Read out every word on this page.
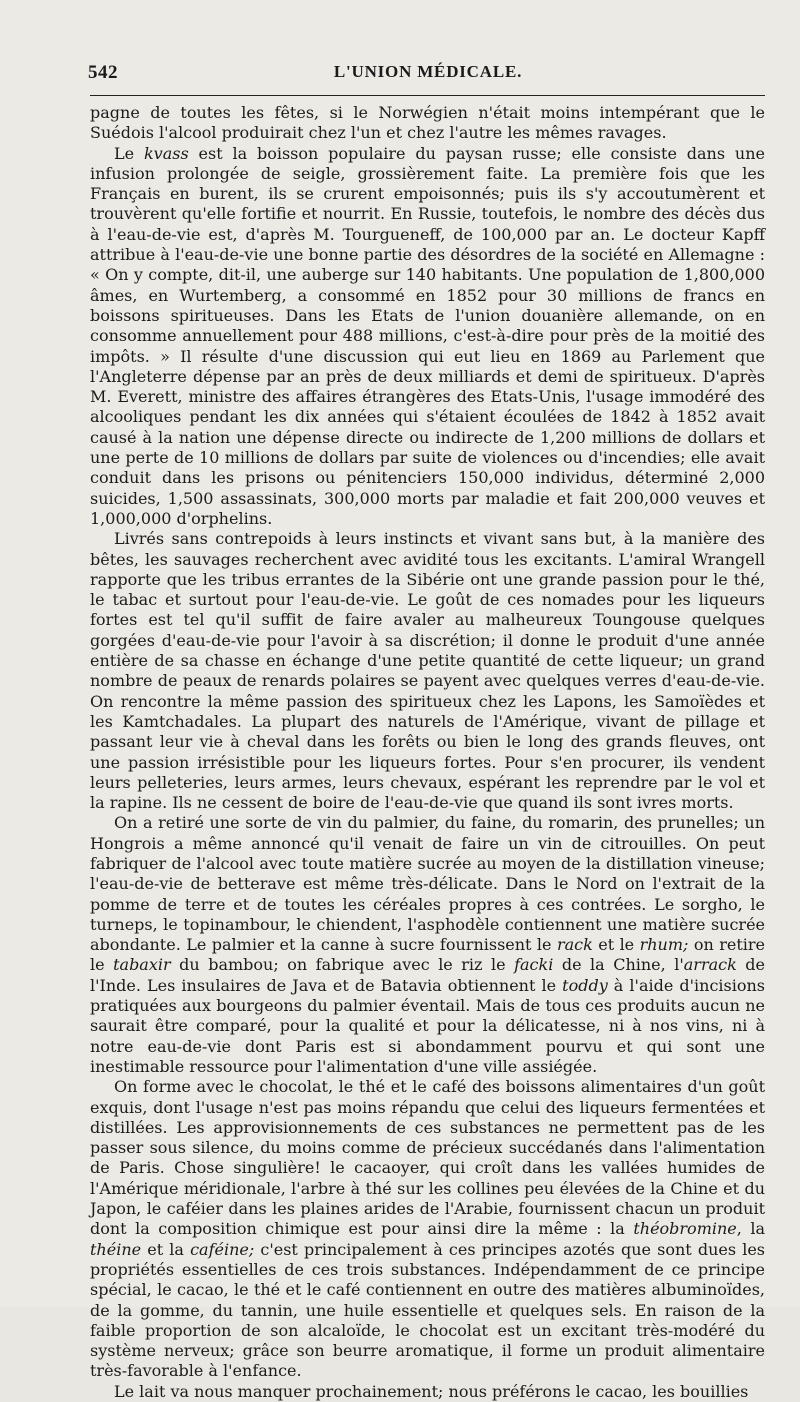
542	L'UNION MÉDICALE.

pagne de toutes les fêtes, si le Norwégien n'était moins intempérant que le Suédois l'alcool produirait chez l'un et chez l'autre les mêmes ravages.

Le kvass est la boisson populaire du paysan russe; elle consiste dans une infusion prolongée de seigle, grossièrement faite. La première fois que les Français en burent, ils se crurent empoisonnés; puis ils s'y accoutumèrent et trouvèrent qu'elle fortifie et nourrit. En Russie, toutefois, le nombre des décès dus à l'eau-de-vie est, d'après M. Tourgueneff, de 100,000 par an. Le docteur Kapff attribue à l'eau-de-vie une bonne partie des désordres de la société en Allemagne : « On y compte, dit-il, une auberge sur 140 habitants. Une population de 1,800,000 âmes, en Wurtemberg, a consommé en 1852 pour 30 millions de francs en boissons spiritueuses. Dans les Etats de l'union douanière allemande, on en consomme annuellement pour 488 millions, c'est-à-dire pour près de la moitié des impôts. » Il résulte d'une discussion qui eut lieu en 1869 au Parlement que l'Angleterre dépense par an près de deux milliards et demi de spiritueux. D'après M. Everett, ministre des affaires étrangères des Etats-Unis, l'usage immodéré des alcooliques pendant les dix années qui s'étaient écoulées de 1842 à 1852 avait causé à la nation une dépense directe ou indirecte de 1,200 millions de dollars et une perte de 10 millions de dollars par suite de violences ou d'incendies; elle avait conduit dans les prisons ou pénitenciers 150,000 individus, déterminé 2,000 suicides, 1,500 assassinats, 300,000 morts par maladie et fait 200,000 veuves et 1,000,000 d'orphelins.

Livrés sans contrepoids à leurs instincts et vivant sans but, à la manière des bêtes, les sauvages recherchent avec avidité tous les excitants. L'amiral Wrangell rapporte que les tribus errantes de la Sibérie ont une grande passion pour le thé, le tabac et surtout pour l'eau-de-vie. Le goût de ces nomades pour les liqueurs fortes est tel qu'il suffit de faire avaler au malheureux Toungouse quelques gorgées d'eau-de-vie pour l'avoir à sa discrétion; il donne le produit d'une année entière de sa chasse en échange d'une petite quantité de cette liqueur; un grand nombre de peaux de renards polaires se payent avec quelques verres d'eau-de-vie. On rencontre la même passion des spiritueux chez les Lapons, les Samoïèdes et les Kamtchadales. La plupart des naturels de l'Amérique, vivant de pillage et passant leur vie à cheval dans les forêts ou bien le long des grands fleuves, ont une passion irrésistible pour les liqueurs fortes. Pour s'en procurer, ils vendent leurs pelleteries, leurs armes, leurs chevaux, espérant les reprendre par le vol et la rapine. Ils ne cessent de boire de l'eau-de-vie que quand ils sont ivres morts.

On a retiré une sorte de vin du palmier, du faine, du romarin, des prunelles; un Hongrois a même annoncé qu'il venait de faire un vin de citrouilles. On peut fabriquer de l'alcool avec toute matière sucrée au moyen de la distillation vineuse; l'eau-de-vie de betterave est même très-délicate. Dans le Nord on l'extrait de la pomme de terre et de toutes les céréales propres à ces contrées. Le sorgho, le turneps, le topinambour, le chiendent, l'asphodèle contiennent une matière sucrée abondante. Le palmier et la canne à sucre fournissent le rack et le rhum; on retire le tabaxir du bambou; on fabrique avec le riz le facki de la Chine, l'arrack de l'Inde. Les insulaires de Java et de Batavia obtiennent le toddy à l'aide d'incisions pratiquées aux bourgeons du palmier éventail. Mais de tous ces produits aucun ne saurait être comparé, pour la qualité et pour la délicatesse, ni à nos vins, ni à notre eau-de-vie dont Paris est si abondamment pourvu et qui sont une inestimable ressource pour l'alimentation d'une ville assiégée.

On forme avec le chocolat, le thé et le café des boissons alimentaires d'un goût exquis, dont l'usage n'est pas moins répandu que celui des liqueurs fermentées et distillées. Les approvisionnements de ces substances ne permettent pas de les passer sous silence, du moins comme de précieux succédanés dans l'alimentation de Paris. Chose singulière! le cacaoyer, qui croît dans les vallées humides de l'Amérique méridionale, l'arbre à thé sur les collines peu élevées de la Chine et du Japon, le caféier dans les plaines arides de l'Arabie, fournissent chacun un produit dont la composition chimique est pour ainsi dire la même : la théobromine, la théine et la caféine; c'est principalement à ces principes azotés que sont dues les propriétés essentielles de ces trois substances. Indépendamment de ce principe spécial, le cacao, le thé et le café contiennent en outre des matières albuminoïdes, de la gomme, du tannin, une huile essentielle et quelques sels. En raison de la faible proportion de son alcaloïde, le chocolat est un excitant très-modéré du système nerveux; grâce son beurre aromatique, il forme un produit alimentaire très-favorable à l'enfance.

Le lait va nous manquer prochainement; nous préférons le cacao, les bouillies
